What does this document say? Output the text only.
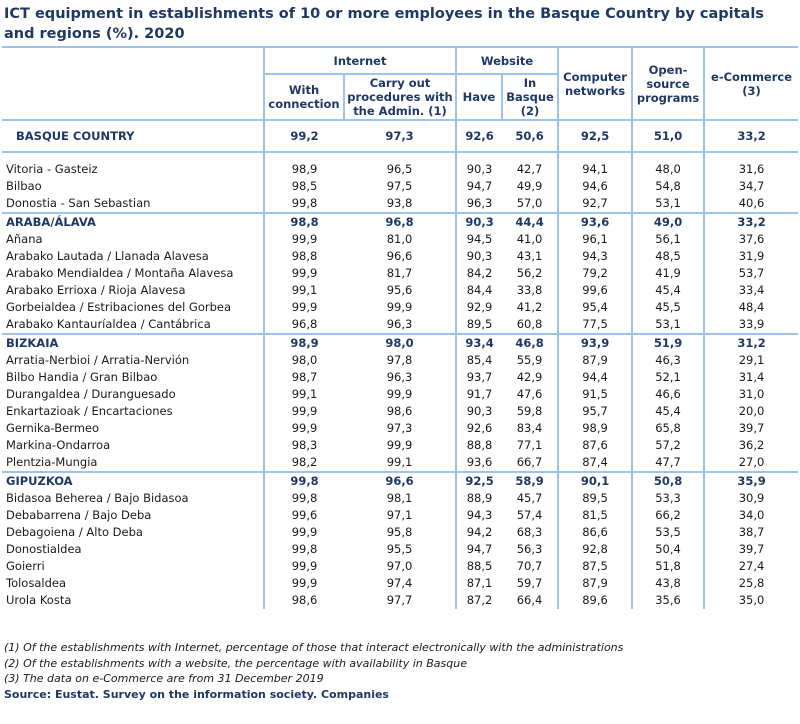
ICT equipment in establishments of 10 or more employees in the Basque Country by capitals and regions (%). 2020
	Internet		Website		Computer networks	Open-source programs	e-Commerce (3)
	With connection	Carry out procedures with the Admin. (1)	Have	In Basque (2)			
BASQUE COUNTRY	99,2	97,3	92,6	50,6	92,5	51,0	33,2

Vitoria - Gasteiz	98,9	96,5	90,3	42,7	94,1	48,0	31,6
Bilbao	98,5	97,5	94,7	49,9	94,6	54,8	34,7
Donostia - San Sebastian	99,8	93,8	96,3	57,0	92,7	53,1	40,6
ARABA/ÁLAVA	98,8	96,8	90,3	44,4	93,6	49,0	33,2
Añana	99,9	81,0	94,5	41,0	96,1	56,1	37,6
Arabako Lautada / Llanada Alavesa	98,8	96,6	90,3	43,1	94,3	48,5	31,9
Arabako Mendialdea / Montaña Alavesa	99,9	81,7	84,2	56,2	79,2	41,9	53,7
Arabako Errioxa / Rioja Alavesa	99,1	95,6	84,4	33,8	99,6	45,4	33,4
Gorbeialdea / Estribaciones del Gorbea	99,9	99,9	92,9	41,2	95,4	45,5	48,4
Arabako Kantauríaldea / Cantábrica	96,8	96,3	89,5	60,8	77,5	53,1	33,9
BIZKAIA	98,9	98,0	93,4	46,8	93,9	51,9	31,2
Arratia-Nerbioi / Arratia-Nervión	98,0	97,8	85,4	55,9	87,9	46,3	29,1
Bilbo Handia / Gran Bilbao	98,7	96,3	93,7	42,9	94,4	52,1	31,4
Durangaldea / Duranguesado	99,1	99,9	91,7	47,6	91,5	46,6	31,0
Enkartazioak / Encartaciones	99,9	98,6	90,3	59,8	95,7	45,4	20,0
Gernika-Bermeo	99,9	97,3	92,6	83,4	98,9	65,8	39,7
Markina-Ondarroa	98,3	99,9	88,8	77,1	87,6	57,2	36,2
Plentzia-Mungia	98,2	99,1	93,6	66,7	87,4	47,7	27,0
GIPUZKOA	99,8	96,6	92,5	58,9	90,1	50,8	35,9
Bidasoa Beherea / Bajo Bidasoa	99,8	98,1	88,9	45,7	89,5	53,3	30,9
Debabarrena / Bajo Deba	99,6	97,1	94,3	57,4	81,5	66,2	34,0
Debagoiena / Alto Deba	99,9	95,8	94,2	68,3	86,6	53,5	38,7
Donostialdea	99,8	95,5	94,7	56,3	92,8	50,4	39,7
Goierri	99,9	97,0	88,5	70,7	87,5	51,8	27,4
Tolosaldea	99,9	97,4	87,1	59,7	87,9	43,8	25,8
Urola Kosta	98,6	97,7	87,2	66,4	89,6	35,6	35,0
(1) Of the establishments with Internet, percentage of those that interact electronically with the administrations
(2) Of the establishments with a website, the percentage with availability in Basque
(3) The data on e-Commerce are from 31 December 2019
Source: Eustat. Survey on the information society. Companies
